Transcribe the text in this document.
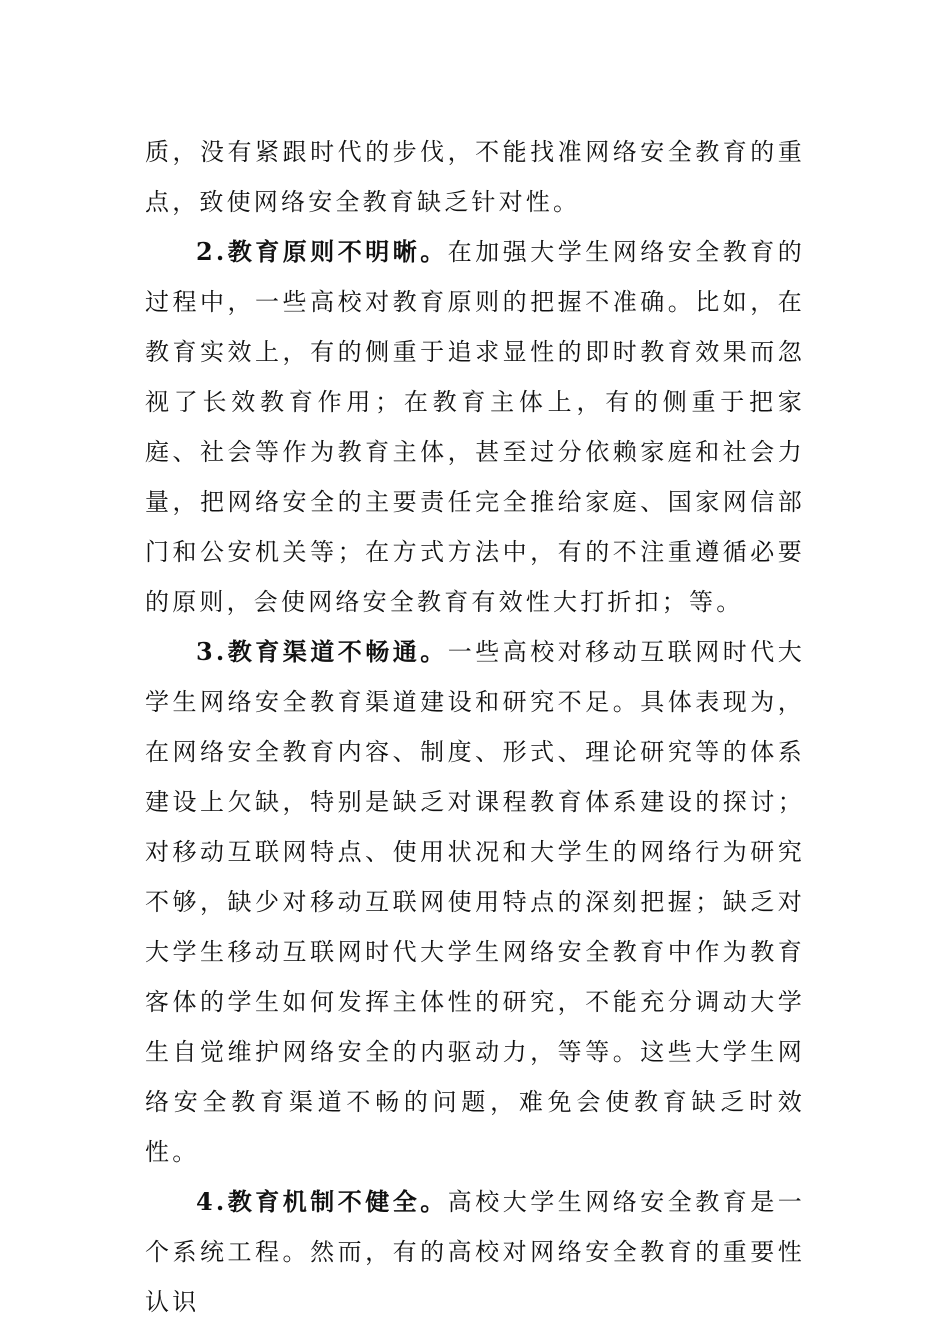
质，没有紧跟时代的步伐，不能找准网络安全教育的重点，致使网络安全教育缺乏针对性。

2.教育原则不明晰。在加强大学生网络安全教育的过程中，一些高校对教育原则的把握不准确。比如，在教育实效上，有的侧重于追求显性的即时教育效果而忽视了长效教育作用；在教育主体上，有的侧重于把家庭、社会等作为教育主体，甚至过分依赖家庭和社会力量，把网络安全的主要责任完全推给家庭、国家网信部门和公安机关等；在方式方法中，有的不注重遵循必要的原则，会使网络安全教育有效性大打折扣；等。

3.教育渠道不畅通。一些高校对移动互联网时代大学生网络安全教育渠道建设和研究不足。具体表现为，在网络安全教育内容、制度、形式、理论研究等的体系建设上欠缺，特别是缺乏对课程教育体系建设的探讨；对移动互联网特点、使用状况和大学生的网络行为研究不够，缺少对移动互联网使用特点的深刻把握；缺乏对大学生移动互联网时代大学生网络安全教育中作为教育客体的学生如何发挥主体性的研究，不能充分调动大学生自觉维护网络安全的内驱动力，等等。这些大学生网络安全教育渠道不畅的问题，难免会使教育缺乏时效性。

4.教育机制不健全。高校大学生网络安全教育是一个系统工程。然而，有的高校对网络安全教育的重要性认识
